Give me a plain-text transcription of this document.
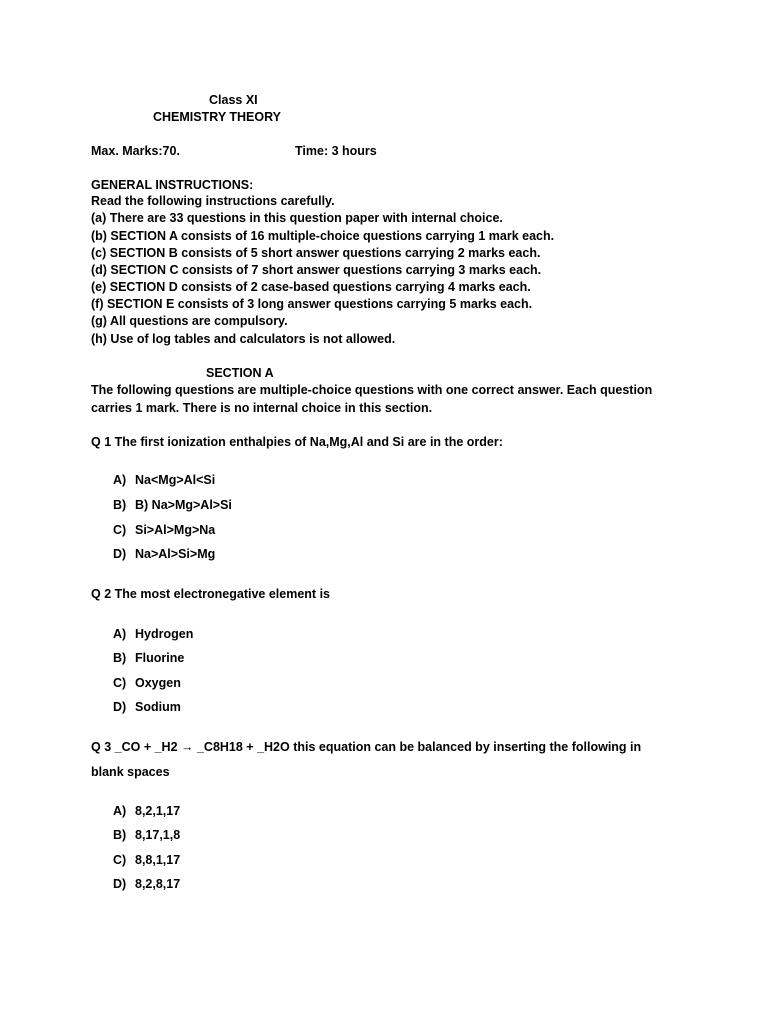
Class XI
CHEMISTRY THEORY
Max. Marks:70.	Time: 3 hours
GENERAL INSTRUCTIONS:
Read the following instructions carefully.
(a) There are 33 questions in this question paper with internal choice.
(b) SECTION A consists of 16 multiple-choice questions carrying 1 mark each.
(c) SECTION B consists of 5 short answer questions carrying 2 marks each.
(d) SECTION C consists of 7 short answer questions carrying 3 marks each.
(e) SECTION D consists of 2 case-based questions carrying 4 marks each.
(f) SECTION E consists of 3 long answer questions carrying 5 marks each.
(g) All questions are compulsory.
(h) Use of log tables and calculators is not allowed.
SECTION A
The following questions are multiple-choice questions with one correct answer. Each question
carries 1 mark. There is no internal choice in this section.
Q 1 The first ionization enthalpies of Na,Mg,Al and Si are in the order:
A) Na<Mg>Al<Si
B) B) Na>Mg>Al>Si
C) Si>Al>Mg>Na
D) Na>Al>Si>Mg
Q 2 The most electronegative element is
A) Hydrogen
B) Fluorine
C) Oxygen
D) Sodium
Q 3 _CO + _H2 → _C8H18 + _H2O this equation can be balanced by inserting the following in
blank spaces
A) 8,2,1,17
B) 8,17,1,8
C) 8,8,1,17
D) 8,2,8,17
